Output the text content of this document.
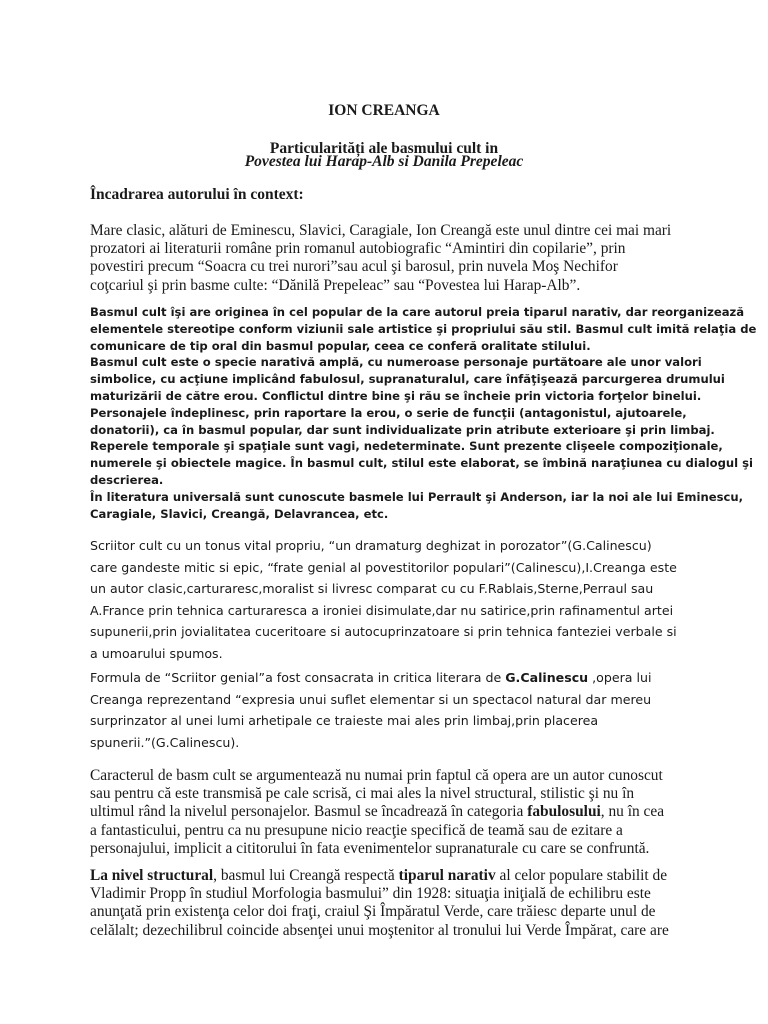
ION CREANGA
Particularități ale basmului cult in
Povestea lui Harap-Alb si Danila Prepeleac
Încadrarea autorului în context:
Mare clasic, alături de Eminescu, Slavici, Caragiale, Ion Creangă este unul dintre cei mai mari
prozatori ai literaturii române prin romanul autobiografic “Amintiri din copilarie”, prin
povestiri precum “Soacra cu trei nurori”sau acul şi barosul, prin nuvela Moş Nechifor
coţcariul şi prin basme culte: “Dănilă Prepeleac” sau “Povestea lui Harap-Alb”.
Basmul cult îşi are originea în cel popular de la care autorul preia tiparul narativ, dar reorganizează
elementele stereotipe conform viziunii sale artistice şi propriului său stil. Basmul cult imită relaţia de
comunicare de tip oral din basmul popular, ceea ce conferă oralitate stilului.
Basmul cult este o specie narativă amplă, cu numeroase personaje purtătoare ale unor valori
simbolice, cu acţiune implicând fabulosul, supranaturalul, care înfăţişează parcurgerea drumului
maturizării de către erou. Conflictul dintre bine şi rău se încheie prin victoria forţelor binelui.
Personajele îndeplinesc, prin raportare la erou, o serie de funcţii (antagonistul, ajutoarele,
donatorii), ca în basmul popular, dar sunt individualizate prin atribute exterioare şi prin limbaj.
Reperele temporale şi spaţiale sunt vagi, nedeterminate. Sunt prezente clişeele compoziţionale,
numerele şi obiectele magice. În basmul cult, stilul este elaborat, se îmbină naraţiunea cu dialogul şi
descrierea.
În literatura universală sunt cunoscute basmele lui Perrault şi Anderson, iar la noi ale lui Eminescu,
Caragiale, Slavici, Creangă, Delavrancea, etc.
Scriitor cult cu un tonus vital propriu, “un dramaturg deghizat in porozator”(G.Calinescu)
care gandeste mitic si epic, “frate genial al povestitorilor populari”(Calinescu),I.Creanga este
un autor clasic,carturaresc,moralist si livresc comparat cu cu F.Rablais,Sterne,Perraul sau
A.France prin tehnica carturaresca a ironiei disimulate,dar nu satirice,prin rafinamentul artei
supunerii,prin jovialitatea cuceritoare si autocuprinzatoare si prin tehnica fanteziei verbale si
a umoarului spumos.
Formula de “Scriitor genial”a fost consacrata in critica literara de G.Calinescu ,opera lui
Creanga reprezentand “expresia unui suflet elementar si un spectacol natural dar mereu
surprinzator al unei lumi arhetipale ce traieste mai ales prin limbaj,prin placerea
spunerii.”(G.Calinescu).
Caracterul de basm cult se argumentează nu numai prin faptul că opera are un autor cunoscut
sau pentru că este transmisă pe cale scrisă, ci mai ales la nivel structural, stilistic şi nu în
ultimul rând la nivelul personajelor. Basmul se încadrează în categoria fabulosului, nu în cea
a fantasticului, pentru ca nu presupune nicio reacţie specifică de teamă sau de ezitare a
personajului, implicit a cititorului în fata evenimentelor supranaturale cu care se confruntă.
La nivel structural, basmul lui Creangă respectă tiparul narativ al celor populare stabilit de
Vladimir Propp în studiul Morfologia basmului” din 1928: situaţia iniţială de echilibru este
anunţată prin existenţa celor doi fraţi, craiul Şi Împăratul Verde, care trăiesc departe unul de
celălalt; dezechilibrul coincide absenţei unui moştenitor al tronului lui Verde Împărat, care are
